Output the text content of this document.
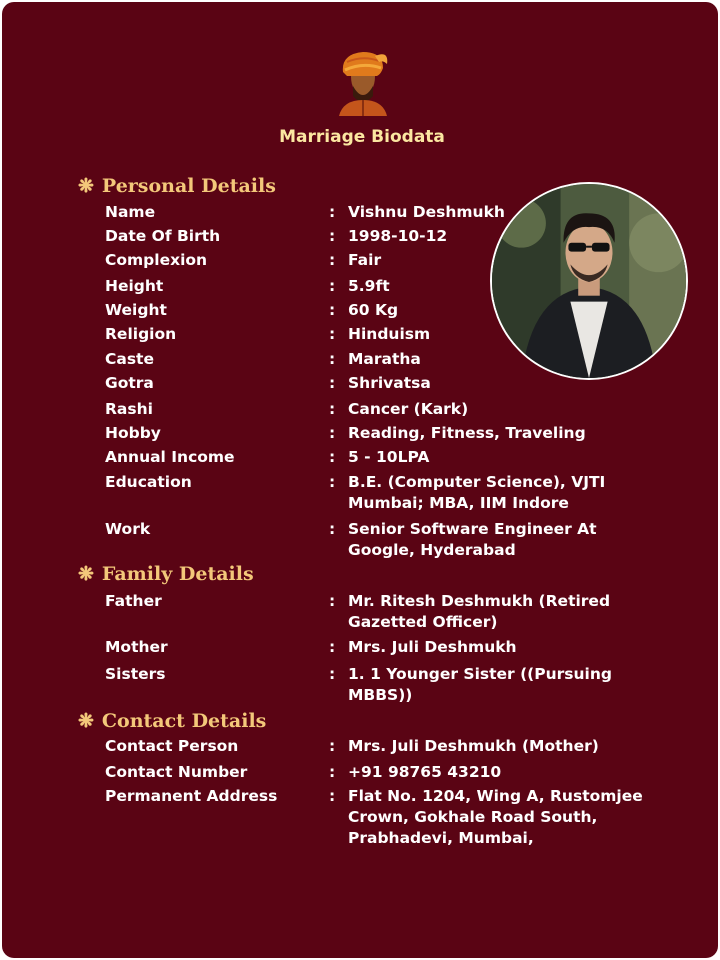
Marriage Biodata
❋ Personal Details
❋ Family Details
❋ Contact Details
Name	: Vishnu Deshmukh
Date Of Birth	: 1998-10-12
Complexion	: Fair
Height	: 5.9ft
Weight	: 60 Kg
Religion	: Hinduism
Caste	: Maratha
Gotra	: Shrivatsa
Rashi	: Cancer (Kark)
Hobby	: Reading, Fitness, Traveling
Annual Income	: 5 - 10LPA
Education	: B.E. (Computer Science), VJTI Mumbai; MBA, IIM Indore
Work	: Senior Software Engineer At Google, Hyderabad
Father	: Mr. Ritesh Deshmukh (Retired Gazetted Officer)
Mother	: Mrs. Juli Deshmukh
Sisters	: 1. 1 Younger Sister ((Pursuing MBBS))
Contact Person	: Mrs. Juli Deshmukh (Mother)
Contact Number	: +91 98765 43210
Permanent Address	: Flat No. 1204, Wing A, Rustomjee Crown, Gokhale Road South, Prabhadevi, Mumbai,
